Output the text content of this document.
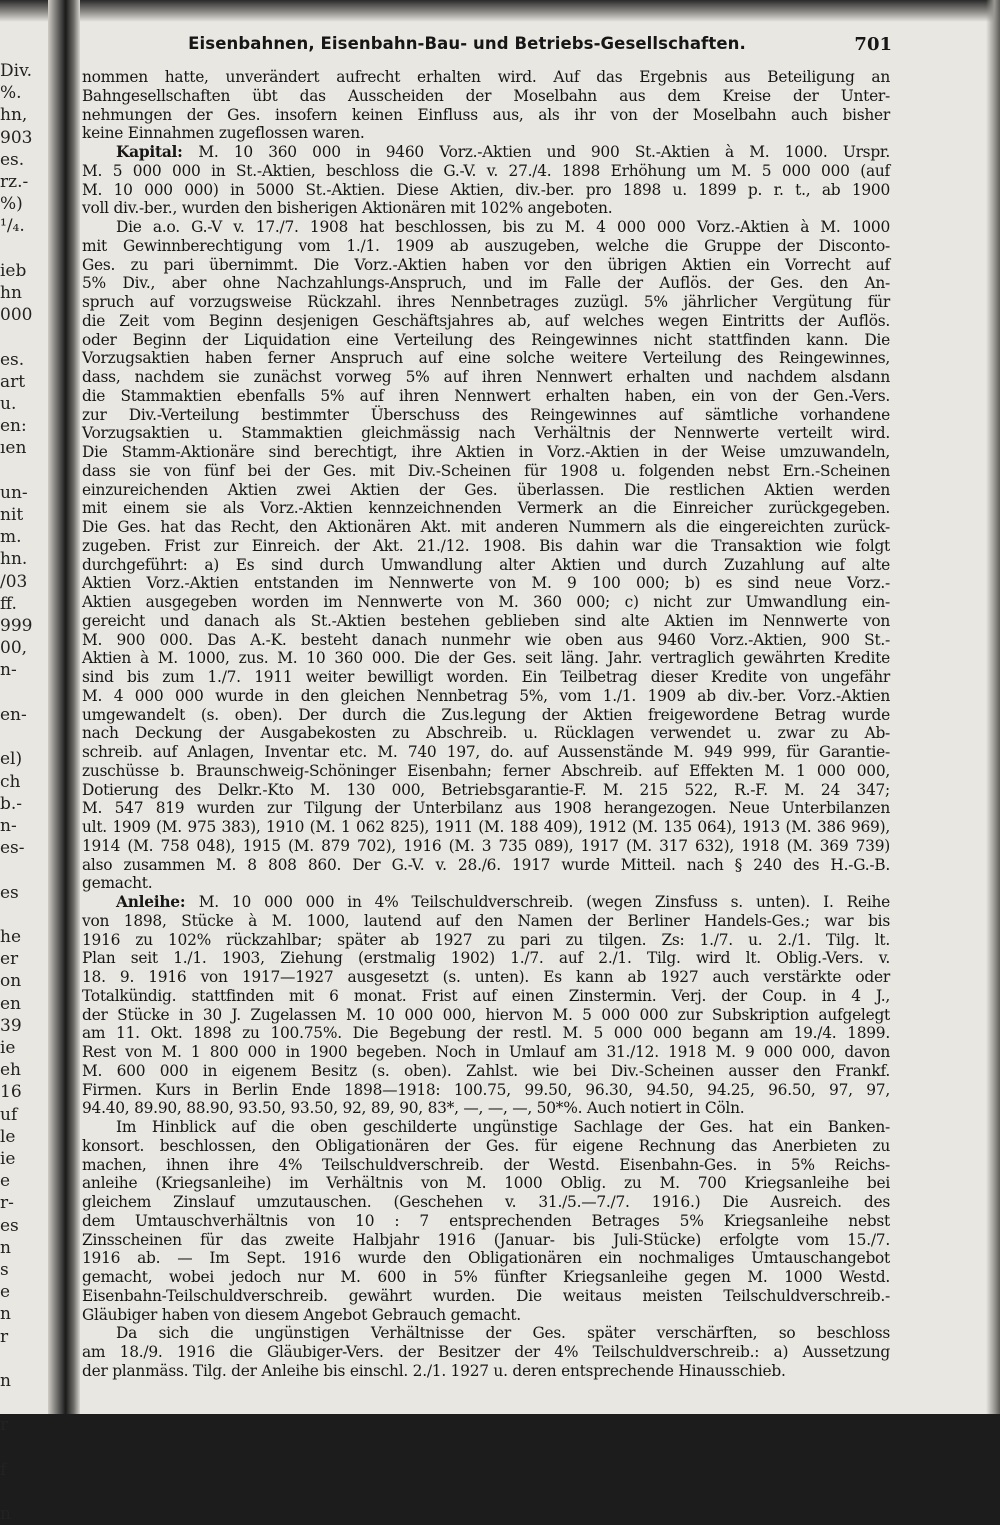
Div.
%.
hn,
903
es.
rz.-
%)
¹/₄.

ieb
hn
000

es.
art
u.
en:
ıen

un-
nit
m.
hn.
/03
ff.
999
00,
n-

en-

el)
ch
b.-
n-
es-

es

he
er
on
en
39
ie
eh
16
uf
le
ie
e
r-
es
n
s
e
n
r

n

r

f

n
Eisenbahnen, Eisenbahn-Bau- und Betriebs-Gesellschaften.	701

nommen hatte, unverändert aufrecht erhalten wird. Auf das Ergebnis aus Beteiligung an
Bahngesellschaften übt das Ausscheiden der Moselbahn aus dem Kreise der Unter-
nehmungen der Ges. insofern keinen Einfluss aus, als ihr von der Moselbahn auch bisher
keine Einnahmen zugeflossen waren.

Kapital: M. 10 360 000 in 9460 Vorz.-Aktien und 900 St.-Aktien à M. 1000. Urspr.
M. 5 000 000 in St.-Aktien, beschloss die G.-V. v. 27./4. 1898 Erhöhung um M. 5 000 000 (auf
M. 10 000 000) in 5000 St.-Aktien. Diese Aktien, div.-ber. pro 1898 u. 1899 p. r. t., ab 1900
voll div.-ber., wurden den bisherigen Aktionären mit 102% angeboten.

Die a.o. G.-V v. 17./7. 1908 hat beschlossen, bis zu M. 4 000 000 Vorz.-Aktien à M. 1000
mit Gewinnberechtigung vom 1./1. 1909 ab auszugeben, welche die Gruppe der Disconto-
Ges. zu pari übernimmt. Die Vorz.-Aktien haben vor den übrigen Aktien ein Vorrecht auf
5% Div., aber ohne Nachzahlungs-Anspruch, und im Falle der Auflös. der Ges. den An-
spruch auf vorzugsweise Rückzahl. ihres Nennbetrages zuzügl. 5% jährlicher Vergütung für
die Zeit vom Beginn desjenigen Geschäftsjahres ab, auf welches wegen Eintritts der Auflös.
oder Beginn der Liquidation eine Verteilung des Reingewinnes nicht stattfinden kann. Die
Vorzugsaktien haben ferner Anspruch auf eine solche weitere Verteilung des Reingewinnes,
dass, nachdem sie zunächst vorweg 5% auf ihren Nennwert erhalten und nachdem alsdann
die Stammaktien ebenfalls 5% auf ihren Nennwert erhalten haben, ein von der Gen.-Vers.
zur Div.-Verteilung bestimmter Überschuss des Reingewinnes auf sämtliche vorhandene
Vorzugsaktien u. Stammaktien gleichmässig nach Verhältnis der Nennwerte verteilt wird.
Die Stamm-Aktionäre sind berechtigt, ihre Aktien in Vorz.-Aktien in der Weise umzuwandeln,
dass sie von fünf bei der Ges. mit Div.-Scheinen für 1908 u. folgenden nebst Ern.-Scheinen
einzureichenden Aktien zwei Aktien der Ges. überlassen. Die restlichen Aktien werden
mit einem sie als Vorz.-Aktien kennzeichnenden Vermerk an die Einreicher zurückgegeben.
Die Ges. hat das Recht, den Aktionären Akt. mit anderen Nummern als die eingereichten zurück-
zugeben. Frist zur Einreich. der Akt. 21./12. 1908. Bis dahin war die Transaktion wie folgt
durchgeführt: a) Es sind durch Umwandlung alter Aktien und durch Zuzahlung auf alte
Aktien Vorz.-Aktien entstanden im Nennwerte von M. 9 100 000; b) es sind neue Vorz.-
Aktien ausgegeben worden im Nennwerte von M. 360 000; c) nicht zur Umwandlung ein-
gereicht und danach als St.-Aktien bestehen geblieben sind alte Aktien im Nennwerte von
M. 900 000. Das A.-K. besteht danach nunmehr wie oben aus 9460 Vorz.-Aktien, 900 St.-
Aktien à M. 1000, zus. M. 10 360 000. Die der Ges. seit läng. Jahr. vertraglich gewährten Kredite
sind bis zum 1./7. 1911 weiter bewilligt worden. Ein Teilbetrag dieser Kredite von ungefähr
M. 4 000 000 wurde in den gleichen Nennbetrag 5%, vom 1./1. 1909 ab div.-ber. Vorz.-Aktien
umgewandelt (s. oben). Der durch die Zus.legung der Aktien freigewordene Betrag wurde
nach Deckung der Ausgabekosten zu Abschreib. u. Rücklagen verwendet u. zwar zu Ab-
schreib. auf Anlagen, Inventar etc. M. 740 197, do. auf Aussenstände M. 949 999, für Garantie-
zuschüsse b. Braunschweig-Schöninger Eisenbahn; ferner Abschreib. auf Effekten M. 1 000 000,
Dotierung des Delkr.-Kto M. 130 000, Betriebsgarantie-F. M. 215 522, R.-F. M. 24 347;
M. 547 819 wurden zur Tilgung der Unterbilanz aus 1908 herangezogen. Neue Unterbilanzen
ult. 1909 (M. 975 383), 1910 (M. 1 062 825), 1911 (M. 188 409), 1912 (M. 135 064), 1913 (M. 386 969),
1914 (M. 758 048), 1915 (M. 879 702), 1916 (M. 3 735 089), 1917 (M. 317 632), 1918 (M. 369 739)
also zusammen M. 8 808 860. Der G.-V. v. 28./6. 1917 wurde Mitteil. nach § 240 des H.-G.-B.
gemacht.

Anleihe: M. 10 000 000 in 4% Teilschuldverschreib. (wegen Zinsfuss s. unten). I. Reihe
von 1898, Stücke à M. 1000, lautend auf den Namen der Berliner Handels-Ges.; war bis
1916 zu 102% rückzahlbar; später ab 1927 zu pari zu tilgen. Zs: 1./7. u. 2./1. Tilg. lt.
Plan seit 1./1. 1903, Ziehung (erstmalig 1902) 1./7. auf 2./1. Tilg. wird lt. Oblig.-Vers. v.
18. 9. 1916 von 1917—1927 ausgesetzt (s. unten). Es kann ab 1927 auch verstärkte oder
Totalkündig. stattfinden mit 6 monat. Frist auf einen Zinstermin. Verj. der Coup. in 4 J.,
der Stücke in 30 J. Zugelassen M. 10 000 000, hiervon M. 5 000 000 zur Subskription aufgelegt
am 11. Okt. 1898 zu 100.75%. Die Begebung der restl. M. 5 000 000 begann am 19./4. 1899.
Rest von M. 1 800 000 in 1900 begeben. Noch in Umlauf am 31./12. 1918 M. 9 000 000, davon
M. 600 000 in eigenem Besitz (s. oben). Zahlst. wie bei Div.-Scheinen ausser den Frankf.
Firmen. Kurs in Berlin Ende 1898—1918: 100.75, 99.50, 96.30, 94.50, 94.25, 96.50, 97, 97,
94.40, 89.90, 88.90, 93.50, 93.50, 92, 89, 90, 83*, —, —, —, 50*%. Auch notiert in Cöln.

Im Hinblick auf die oben geschilderte ungünstige Sachlage der Ges. hat ein Banken-
konsort. beschlossen, den Obligationären der Ges. für eigene Rechnung das Anerbieten zu
machen, ihnen ihre 4% Teilschuldverschreib. der Westd. Eisenbahn-Ges. in 5% Reichs-
anleihe (Kriegsanleihe) im Verhältnis von M. 1000 Oblig. zu M. 700 Kriegsanleihe bei
gleichem Zinslauf umzutauschen. (Geschehen v. 31./5.—7./7. 1916.) Die Ausreich. des
dem Umtauschverhältnis von 10 : 7 entsprechenden Betrages 5% Kriegsanleihe nebst
Zinsscheinen für das zweite Halbjahr 1916 (Januar- bis Juli-Stücke) erfolgte vom 15./7.
1916 ab. — Im Sept. 1916 wurde den Obligationären ein nochmaliges Umtauschangebot
gemacht, wobei jedoch nur M. 600 in 5% fünfter Kriegsanleihe gegen M. 1000 Westd.
Eisenbahn-Teilschuldverschreib. gewährt wurden. Die weitaus meisten Teilschuldverschreib.-
Gläubiger haben von diesem Angebot Gebrauch gemacht.

Da sich die ungünstigen Verhältnisse der Ges. später verschärften, so beschloss
am 18./9. 1916 die Gläubiger-Vers. der Besitzer der 4% Teilschuldverschreib.: a) Aussetzung
der planmäss. Tilg. der Anleihe bis einschl. 2./1. 1927 u. deren entsprechende Hinausschieb.
